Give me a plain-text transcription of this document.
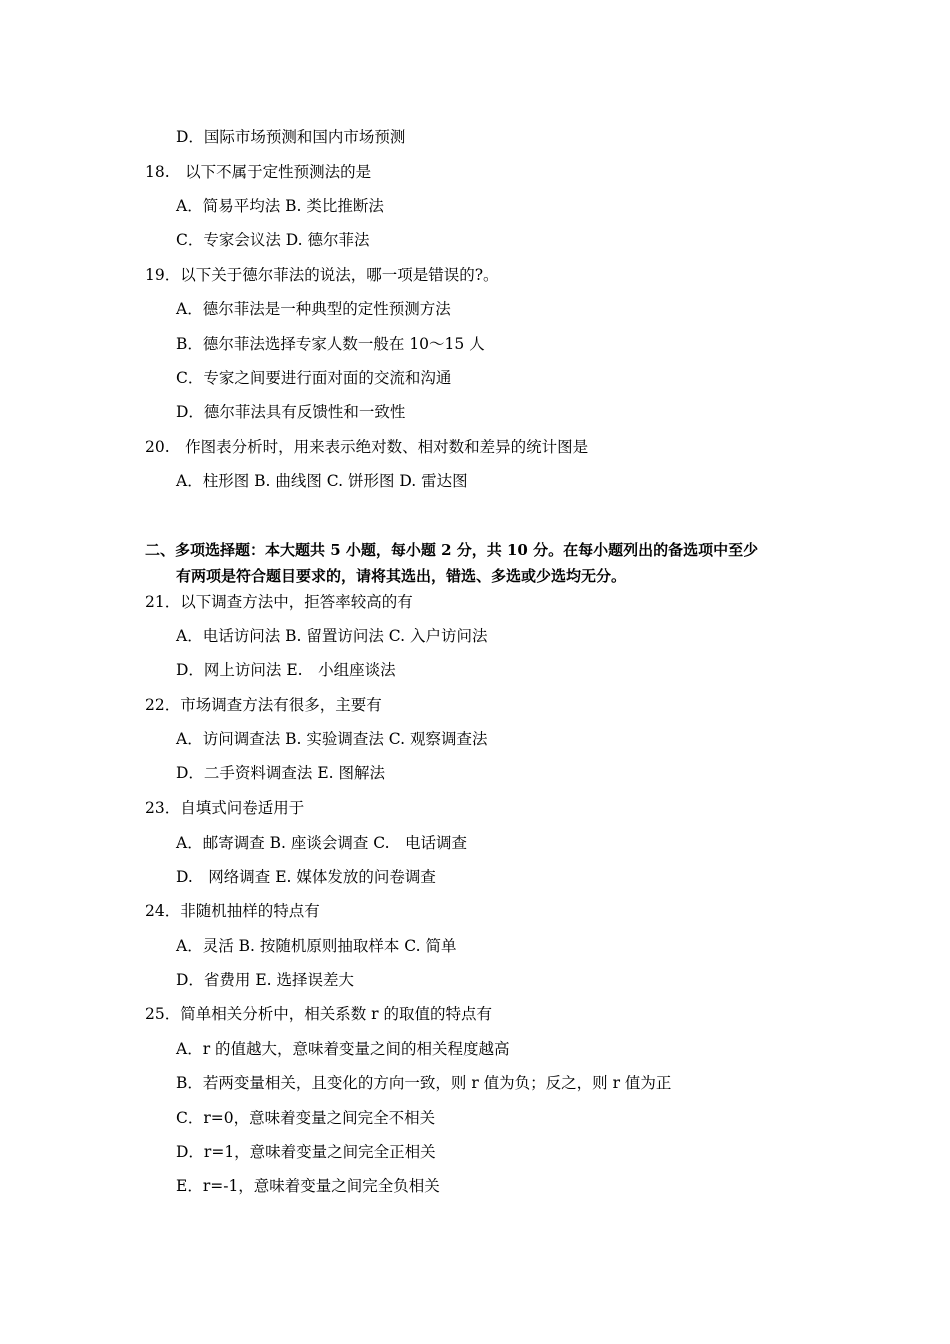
D．国际市场预测和国内市场预测
18.　以下不属于定性预测法的是
A．简易平均法 B. 类比推断法
C．专家会议法 D. 德尔菲法
19．以下关于德尔菲法的说法，哪一项是错误的?。
A．德尔菲法是一种典型的定性预测方法
B．德尔菲法选择专家人数一般在 10～15 人
C．专家之间要进行面对面的交流和沟通
D．德尔菲法具有反馈性和一致性
20.　作图表分析时，用来表示绝对数、相对数和差异的统计图是
A．柱形图 B. 曲线图 C. 饼形图 D. 雷达图
二、多项选择题：本大题共 5 小题，每小题 2 分，共 10 分。在每小题列出的备选项中至少
有两项是符合题目要求的，请将其选出，错选、多选或少选均无分。
21．以下调查方法中，拒答率较高的有
A．电话访问法 B. 留置访问法 C. 入户访问法
D．网上访问法 E.　小组座谈法
22．市场调查方法有很多，主要有
A．访问调查法 B. 实验调查法 C. 观察调查法
D．二手资料调查法 E. 图解法
23．自填式问卷适用于
A．邮寄调查 B. 座谈会调查 C.　电话调查
D.　网络调查 E. 媒体发放的问卷调查
24．非随机抽样的特点有
A．灵活 B. 按随机原则抽取样本 C. 简单
D．省费用 E. 选择误差大
25．简单相关分析中，相关系数 r 的取值的特点有
A．r 的值越大，意味着变量之间的相关程度越高
B．若两变量相关，且变化的方向一致，则 r 值为负；反之，则 r 值为正
C．r=0，意味着变量之间完全不相关
D．r=1，意味着变量之间完全正相关
E．r=-1，意味着变量之间完全负相关
